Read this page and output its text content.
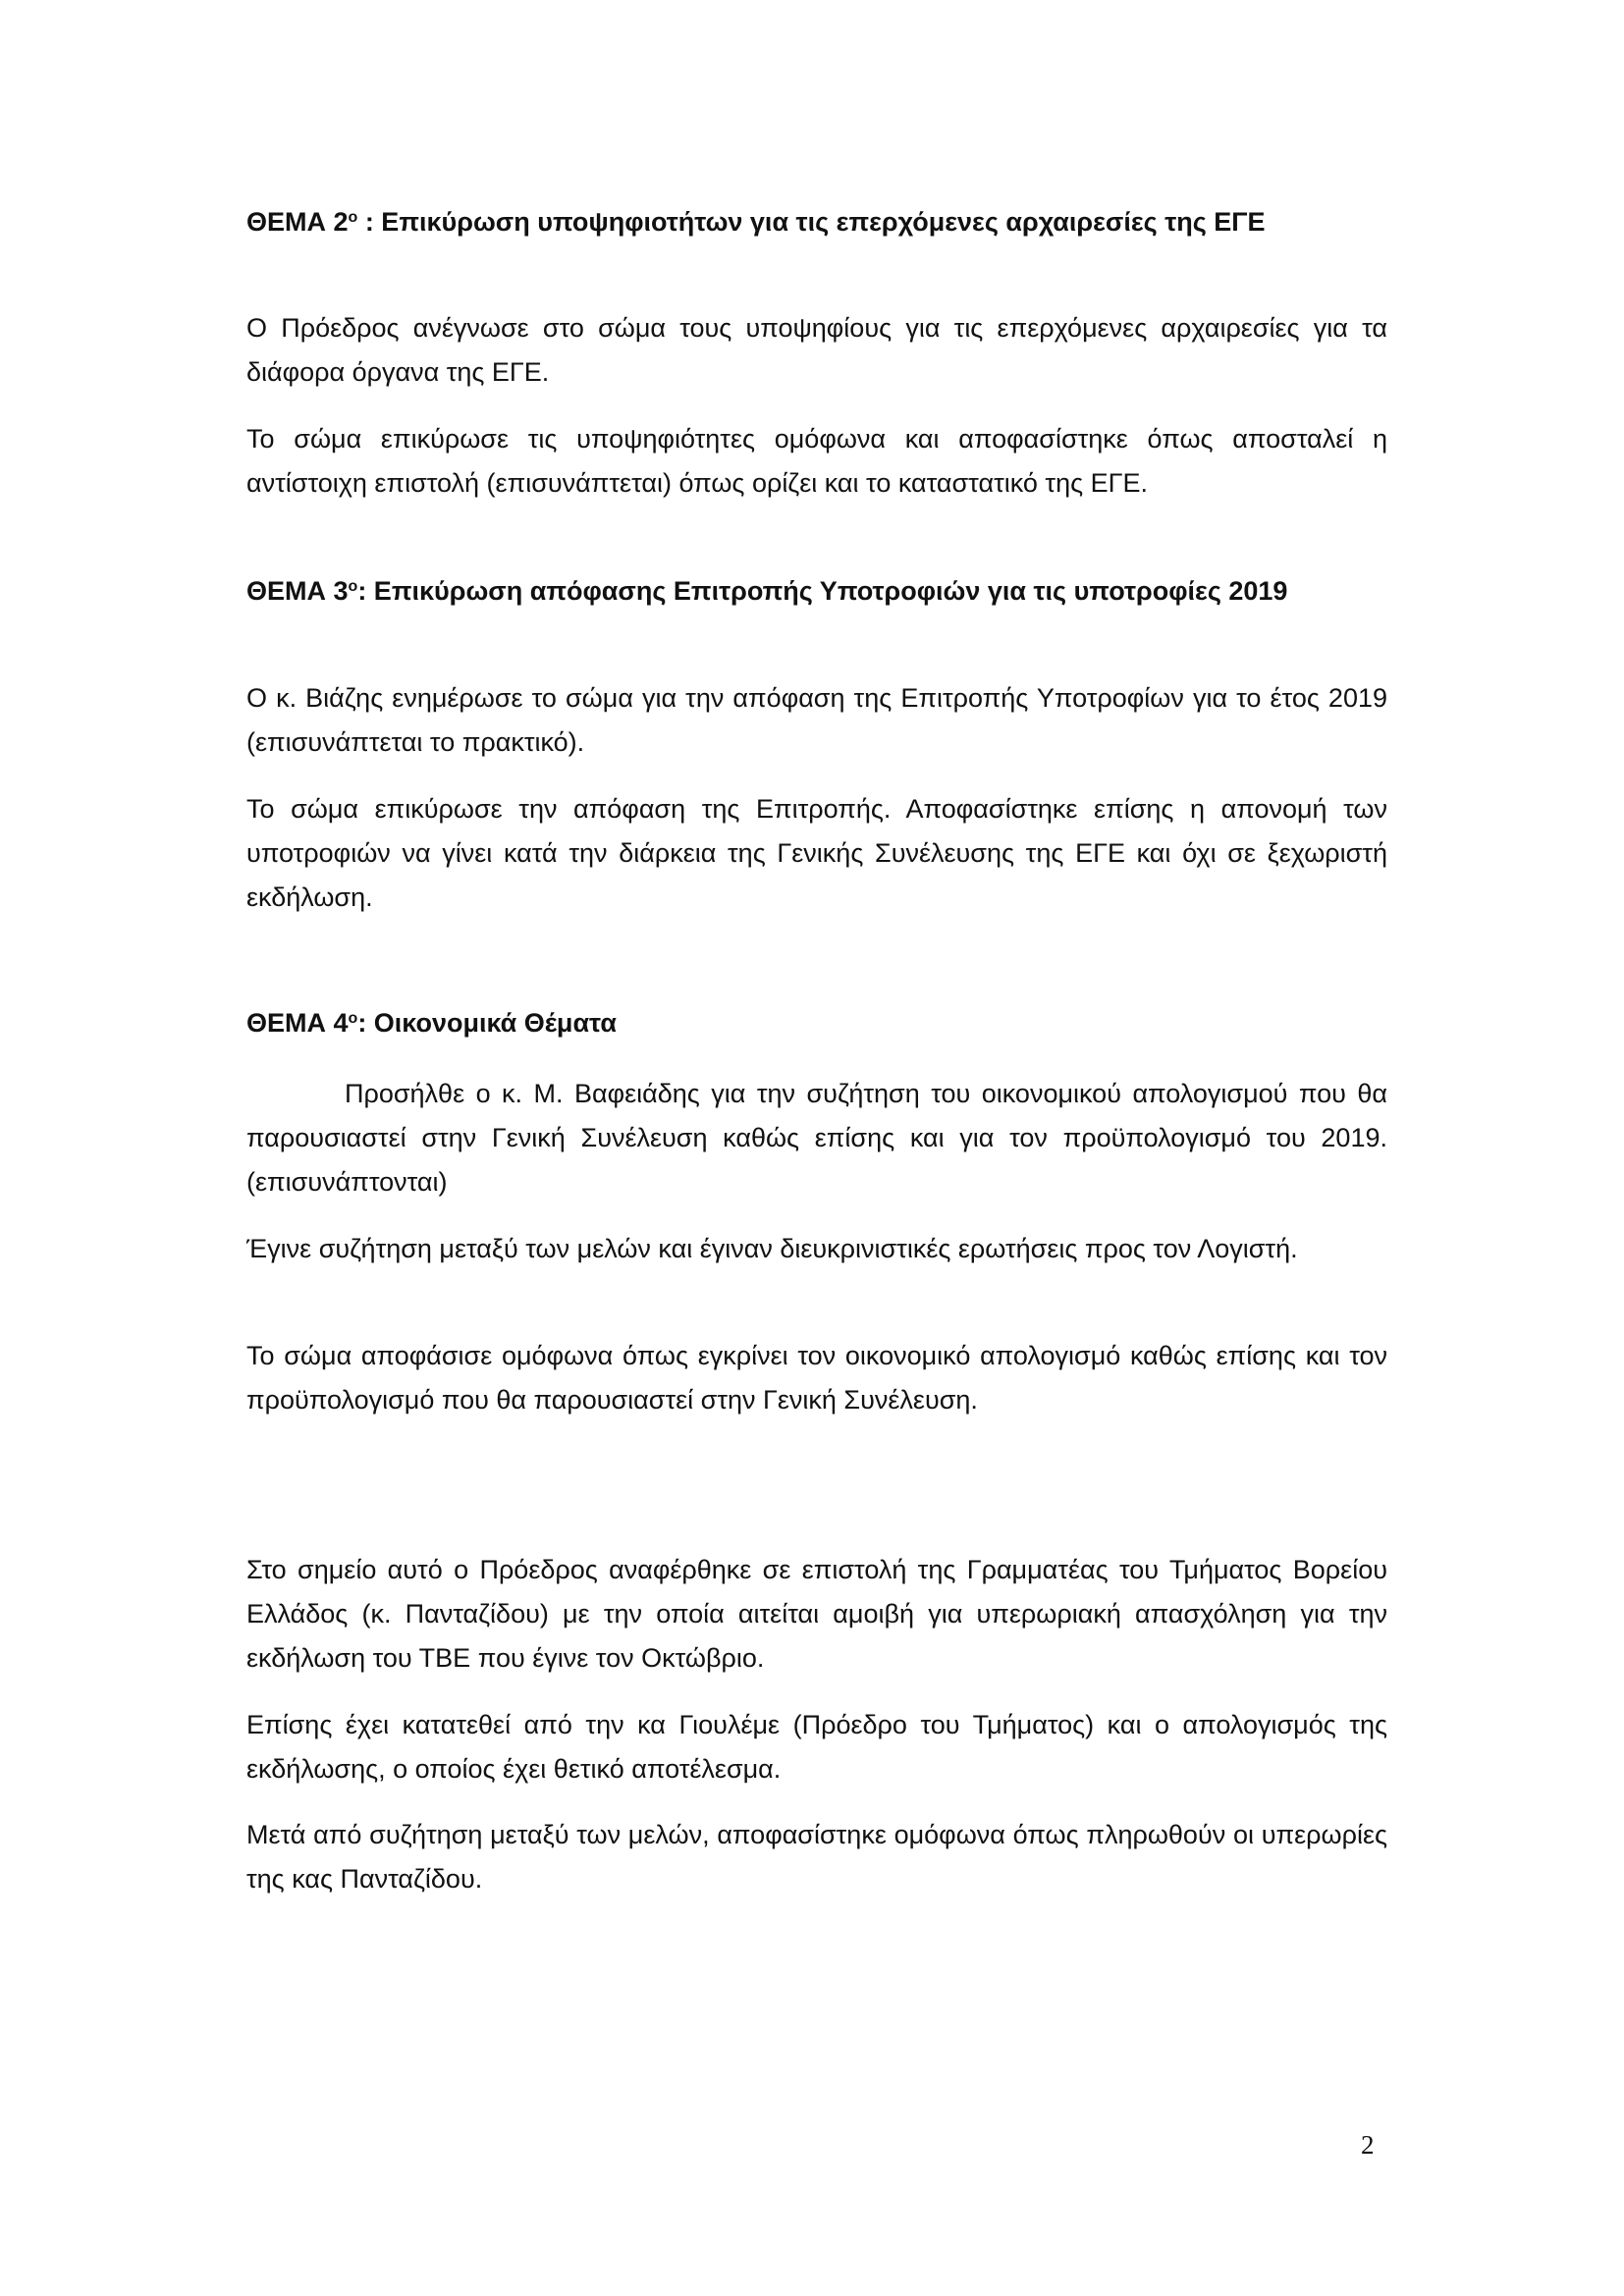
ΘΕΜΑ $2^o$ : Επικύρωση υποψηφιοτήτων για τις επερχόμενες αρχαιρεσίες της ΕΓΕ

Ο Πρόεδρος ανέγνωσε στο σώμα τους υποψηφίους για τις επερχόμενες αρχαιρεσίες για τα διάφορα όργανα της ΕΓΕ.

Το σώμα επικύρωσε τις υποψηφιότητες ομόφωνα και αποφασίστηκε όπως αποσταλεί η αντίστοιχη επιστολή (επισυνάπτεται) όπως ορίζει και το καταστατικό της ΕΓΕ.

ΘΕΜΑ $3^o$: Επικύρωση απόφασης Επιτροπής Υποτροφιών για τις υποτροφίες 2019

Ο κ. Βιάζης ενημέρωσε το σώμα για την απόφαση της Επιτροπής Υποτροφίων για το έτος 2019 (επισυνάπτεται το πρακτικό).

Το σώμα επικύρωσε την απόφαση της Επιτροπής. Αποφασίστηκε επίσης η απονομή των υποτροφιών να γίνει κατά την διάρκεια της Γενικής Συνέλευσης της ΕΓΕ και όχι σε ξεχωριστή εκδήλωση.

ΘΕΜΑ $4^o$: Οικονομικά Θέματα

Προσήλθε ο κ. Μ. Βαφειάδης για την συζήτηση του οικονομικού απολογισμού που θα παρουσιαστεί στην Γενική Συνέλευση καθώς επίσης και για τον προϋπολογισμό του 2019. (επισυνάπτονται)

Έγινε συζήτηση μεταξύ των μελών και έγιναν διευκρινιστικές ερωτήσεις προς τον Λογιστή.

Το σώμα αποφάσισε ομόφωνα όπως εγκρίνει τον οικονομικό απολογισμό καθώς επίσης και τον προϋπολογισμό που θα παρουσιαστεί στην Γενική Συνέλευση.

Στο σημείο αυτό ο Πρόεδρος αναφέρθηκε σε επιστολή της Γραμματέας του Τμήματος Βορείου Ελλάδος (κ. Πανταζίδου) με την οποία αιτείται αμοιβή για υπερωριακή απασχόληση για την εκδήλωση του ΤΒΕ που έγινε τον Οκτώβριο.

Επίσης έχει κατατεθεί από την κα Γιουλέμε (Πρόεδρο του Τμήματος) και ο απολογισμός της εκδήλωσης, ο οποίος έχει θετικό αποτέλεσμα.

Μετά από συζήτηση μεταξύ των μελών, αποφασίστηκε ομόφωνα όπως πληρωθούν οι υπερωρίες της κας Πανταζίδου.

2
